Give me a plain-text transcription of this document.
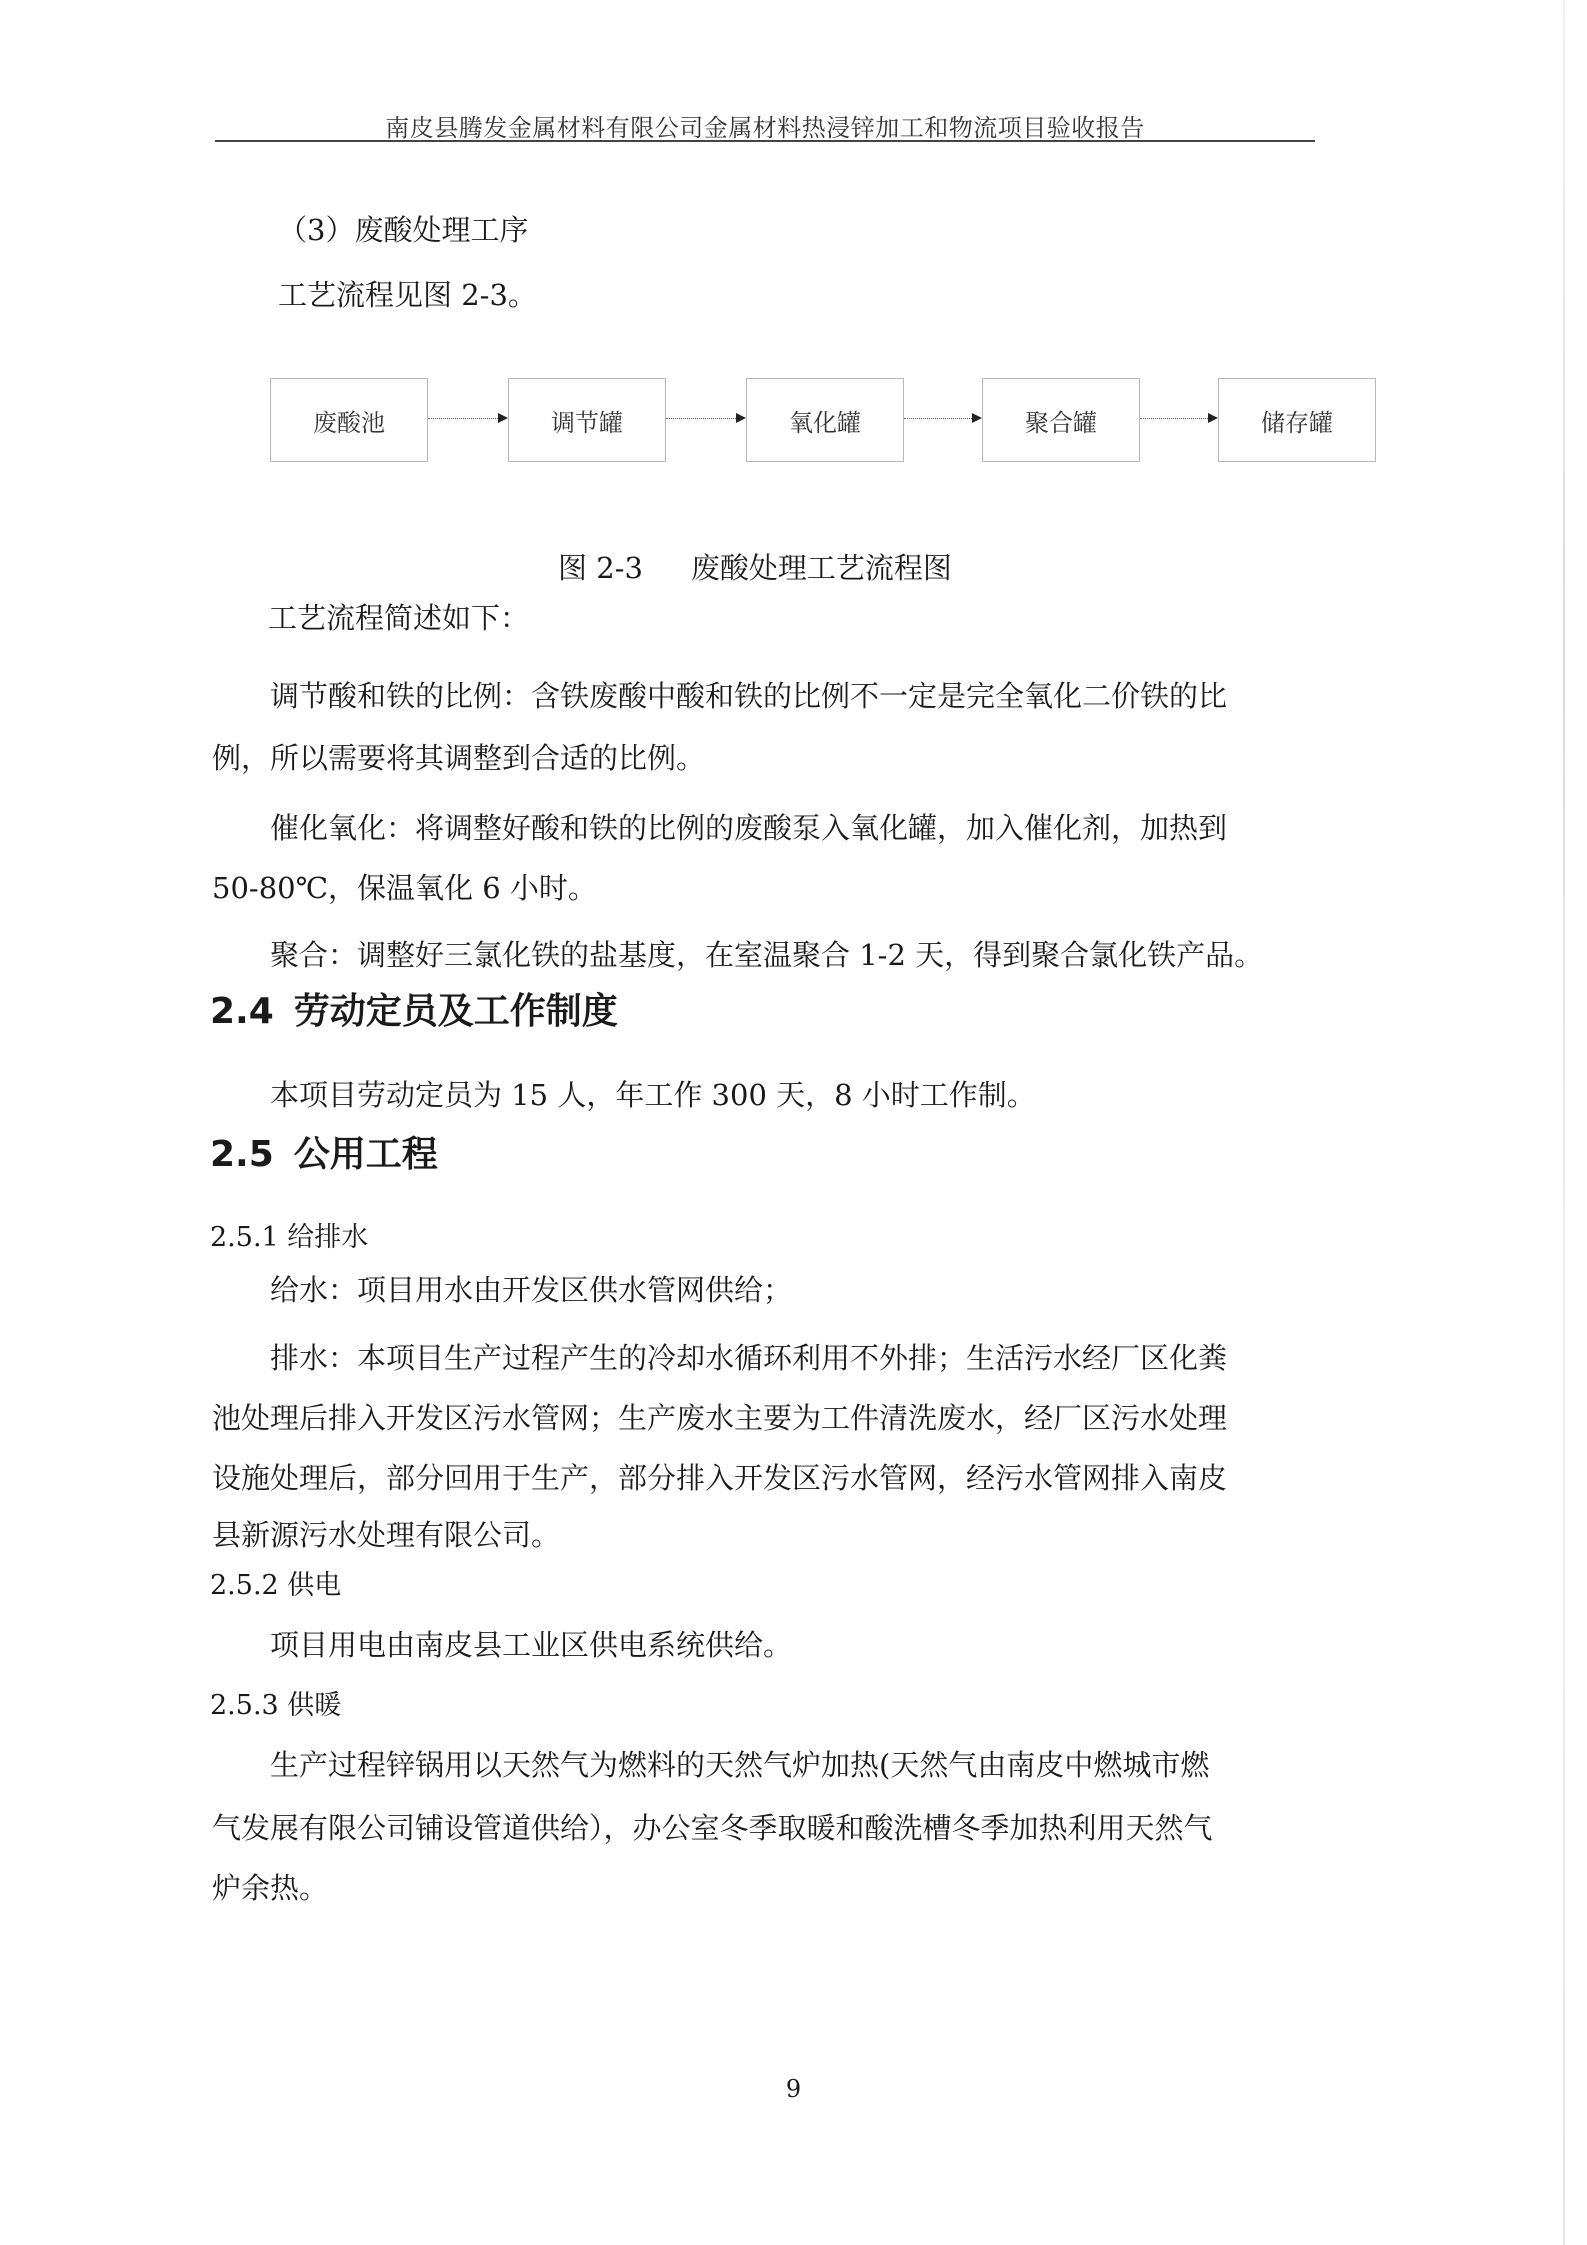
南皮县腾发金属材料有限公司金属材料热浸锌加工和物流项目验收报告
（3）废酸处理工序
工艺流程见图 2-3。
废酸池	调节罐	氧化罐	聚合罐	储存罐
图 2-3 废酸处理工艺流程图
工艺流程简述如下：
调节酸和铁的比例：含铁废酸中酸和铁的比例不一定是完全氧化二价铁的比
例，所以需要将其调整到合适的比例。
催化氧化：将调整好酸和铁的比例的废酸泵入氧化罐，加入催化剂，加热到
50-80℃，保温氧化 6 小时。
聚合：调整好三氯化铁的盐基度，在室温聚合 1-2 天，得到聚合氯化铁产品。
2.4 劳动定员及工作制度
本项目劳动定员为 15 人，年工作 300 天，8 小时工作制。
2.5 公用工程
2.5.1 给排水
给水：项目用水由开发区供水管网供给；
排水：本项目生产过程产生的冷却水循环利用不外排；生活污水经厂区化粪
池处理后排入开发区污水管网；生产废水主要为工件清洗废水，经厂区污水处理
设施处理后，部分回用于生产，部分排入开发区污水管网，经污水管网排入南皮
县新源污水处理有限公司。
2.5.2 供电
项目用电由南皮县工业区供电系统供给。
2.5.3 供暖
生产过程锌锅用以天然气为燃料的天然气炉加热(天然气由南皮中燃城市燃
气发展有限公司铺设管道供给），办公室冬季取暖和酸洗槽冬季加热利用天然气
炉余热。
9
